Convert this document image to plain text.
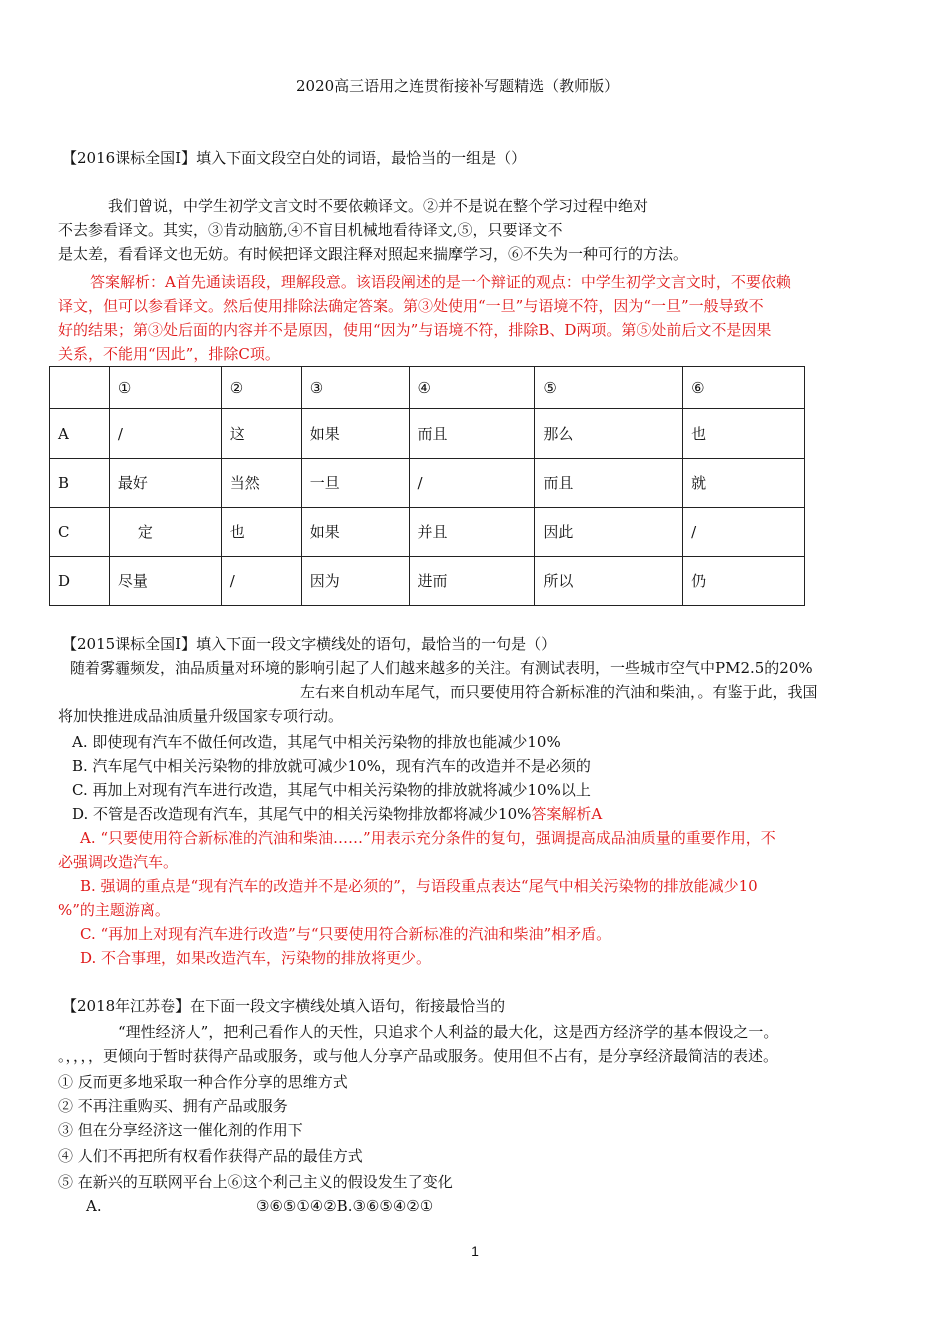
2020高三语用之连贯衔接补写题精选（教师版）
【2016课标全国Ⅰ】填入下面文段空白处的词语，最恰当的一组是（）
我们曾说，中学生初学文言文时不要依赖译文。②并不是说在整个学习过程中绝对
不去参看译文。其实，③肯动脑筋,④不盲目机械地看待译文,⑤，只要译文不
是太差，看看译文也无妨。有时候把译文跟注释对照起来揣摩学习，⑥不失为一种可行的方法。
答案解析：A首先通读语段，理解段意。该语段阐述的是一个辩证的观点：中学生初学文言文时，不要依赖
译文，但可以参看译文。然后使用排除法确定答案。第③处使用“一旦”与语境不符，因为“一旦”一般导致不
好的结果；第③处后面的内容并不是原因，使用“因为”与语境不符，排除B、D两项。第⑤处前后文不是因果
关系，不能用“因此”，排除C项。
	①	②	③	④	⑤	⑥
A	/	这	如果	而且	那么	也
B	最好	当然	一旦	/	而且	就
C	定	也	如果	并且	因此	/
D	尽量	/	因为	进而	所以	仍
【2015课标全国Ⅰ】填入下面一段文字横线处的语句，最恰当的一句是（）
随着雾霾频发，油品质量对环境的影响引起了人们越来越多的关注。有测试表明，一些城市空气中PM2.5的20%
左右来自机动车尾气，而只要使用符合新标准的汽油和柴油，。有鉴于此，我国
将加快推进成品油质量升级国家专项行动。
A. 即使现有汽车不做任何改造，其尾气中相关污染物的排放也能减少10%
B. 汽车尾气中相关污染物的排放就可减少10%，现有汽车的改造并不是必须的
C. 再加上对现有汽车进行改造，其尾气中相关污染物的排放就将减少10%以上
D. 不管是否改造现有汽车，其尾气中的相关污染物排放都将减少10%答案解析A
A. “只要使用符合新标准的汽油和柴油……”用表示充分条件的复句，强调提高成品油质量的重要作用，不
必强调改造汽车。
B. 强调的重点是“现有汽车的改造并不是必须的”，与语段重点表达“尾气中相关污染物的排放能减少10
%”的主题游离。
C. “再加上对现有汽车进行改造”与“只要使用符合新标准的汽油和柴油”相矛盾。
D. 不合事理，如果改造汽车，污染物的排放将更少。
【2018年江苏卷】在下面一段文字横线处填入语句，衔接最恰当的
“理性经济人”，把利己看作人的天性，只追求个人利益的最大化，这是西方经济学的基本假设之一。
。，，，，更倾向于暂时获得产品或服务，或与他人分享产品或服务。使用但不占有，是分享经济最简洁的表述。
① 反而更多地采取一种合作分享的思维方式
② 不再注重购买、拥有产品或服务
③ 但在分享经济这一催化剂的作用下
④ 人们不再把所有权看作获得产品的最佳方式
⑤ 在新兴的互联网平台上⑥这个利己主义的假设发生了变化
A.	③⑥⑤①④②B.③⑥⑤④②①
1
